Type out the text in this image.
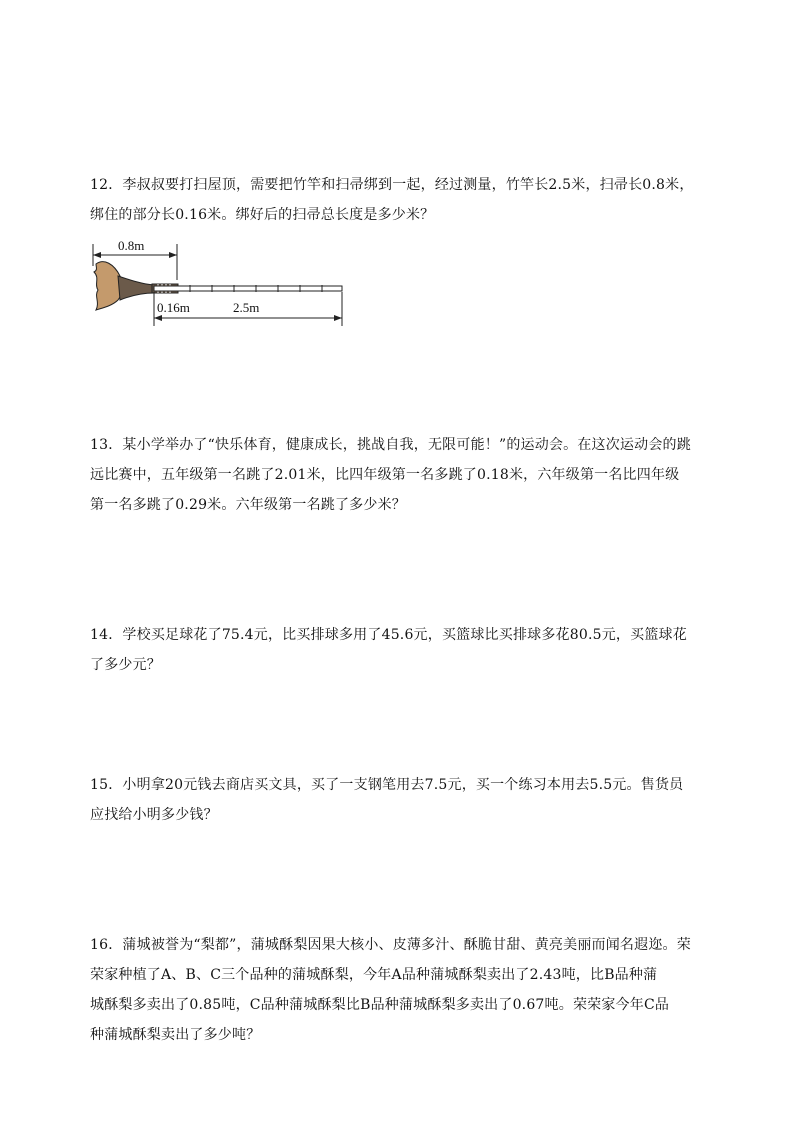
12．李叔叔要打扫屋顶，需要把竹竿和扫帚绑到一起，经过测量，竹竿长2.5米，扫帚长0.8米，
绑住的部分长0.16米。绑好后的扫帚总长度是多少米？
0.8m
0.16m	2.5m
13．某小学举办了“快乐体育，健康成长，挑战自我，无限可能！”的运动会。在这次运动会的跳
远比赛中，五年级第一名跳了2.01米，比四年级第一名多跳了0.18米，六年级第一名比四年级
第一名多跳了0.29米。六年级第一名跳了多少米？
14．学校买足球花了75.4元，比买排球多用了45.6元，买篮球比买排球多花80.5元，买篮球花
了多少元？
15．小明拿20元钱去商店买文具，买了一支钢笔用去7.5元，买一个练习本用去5.5元。售货员
应找给小明多少钱？
16．蒲城被誉为“梨都”，蒲城酥梨因果大核小、皮薄多汁、酥脆甘甜、黄亮美丽而闻名遐迩。荣
荣家种植了A、B、C三个品种的蒲城酥梨，今年A品种蒲城酥梨卖出了2.43吨，比B品种蒲
城酥梨多卖出了0.85吨，C品种蒲城酥梨比B品种蒲城酥梨多卖出了0.67吨。荣荣家今年C品
种蒲城酥梨卖出了多少吨？
